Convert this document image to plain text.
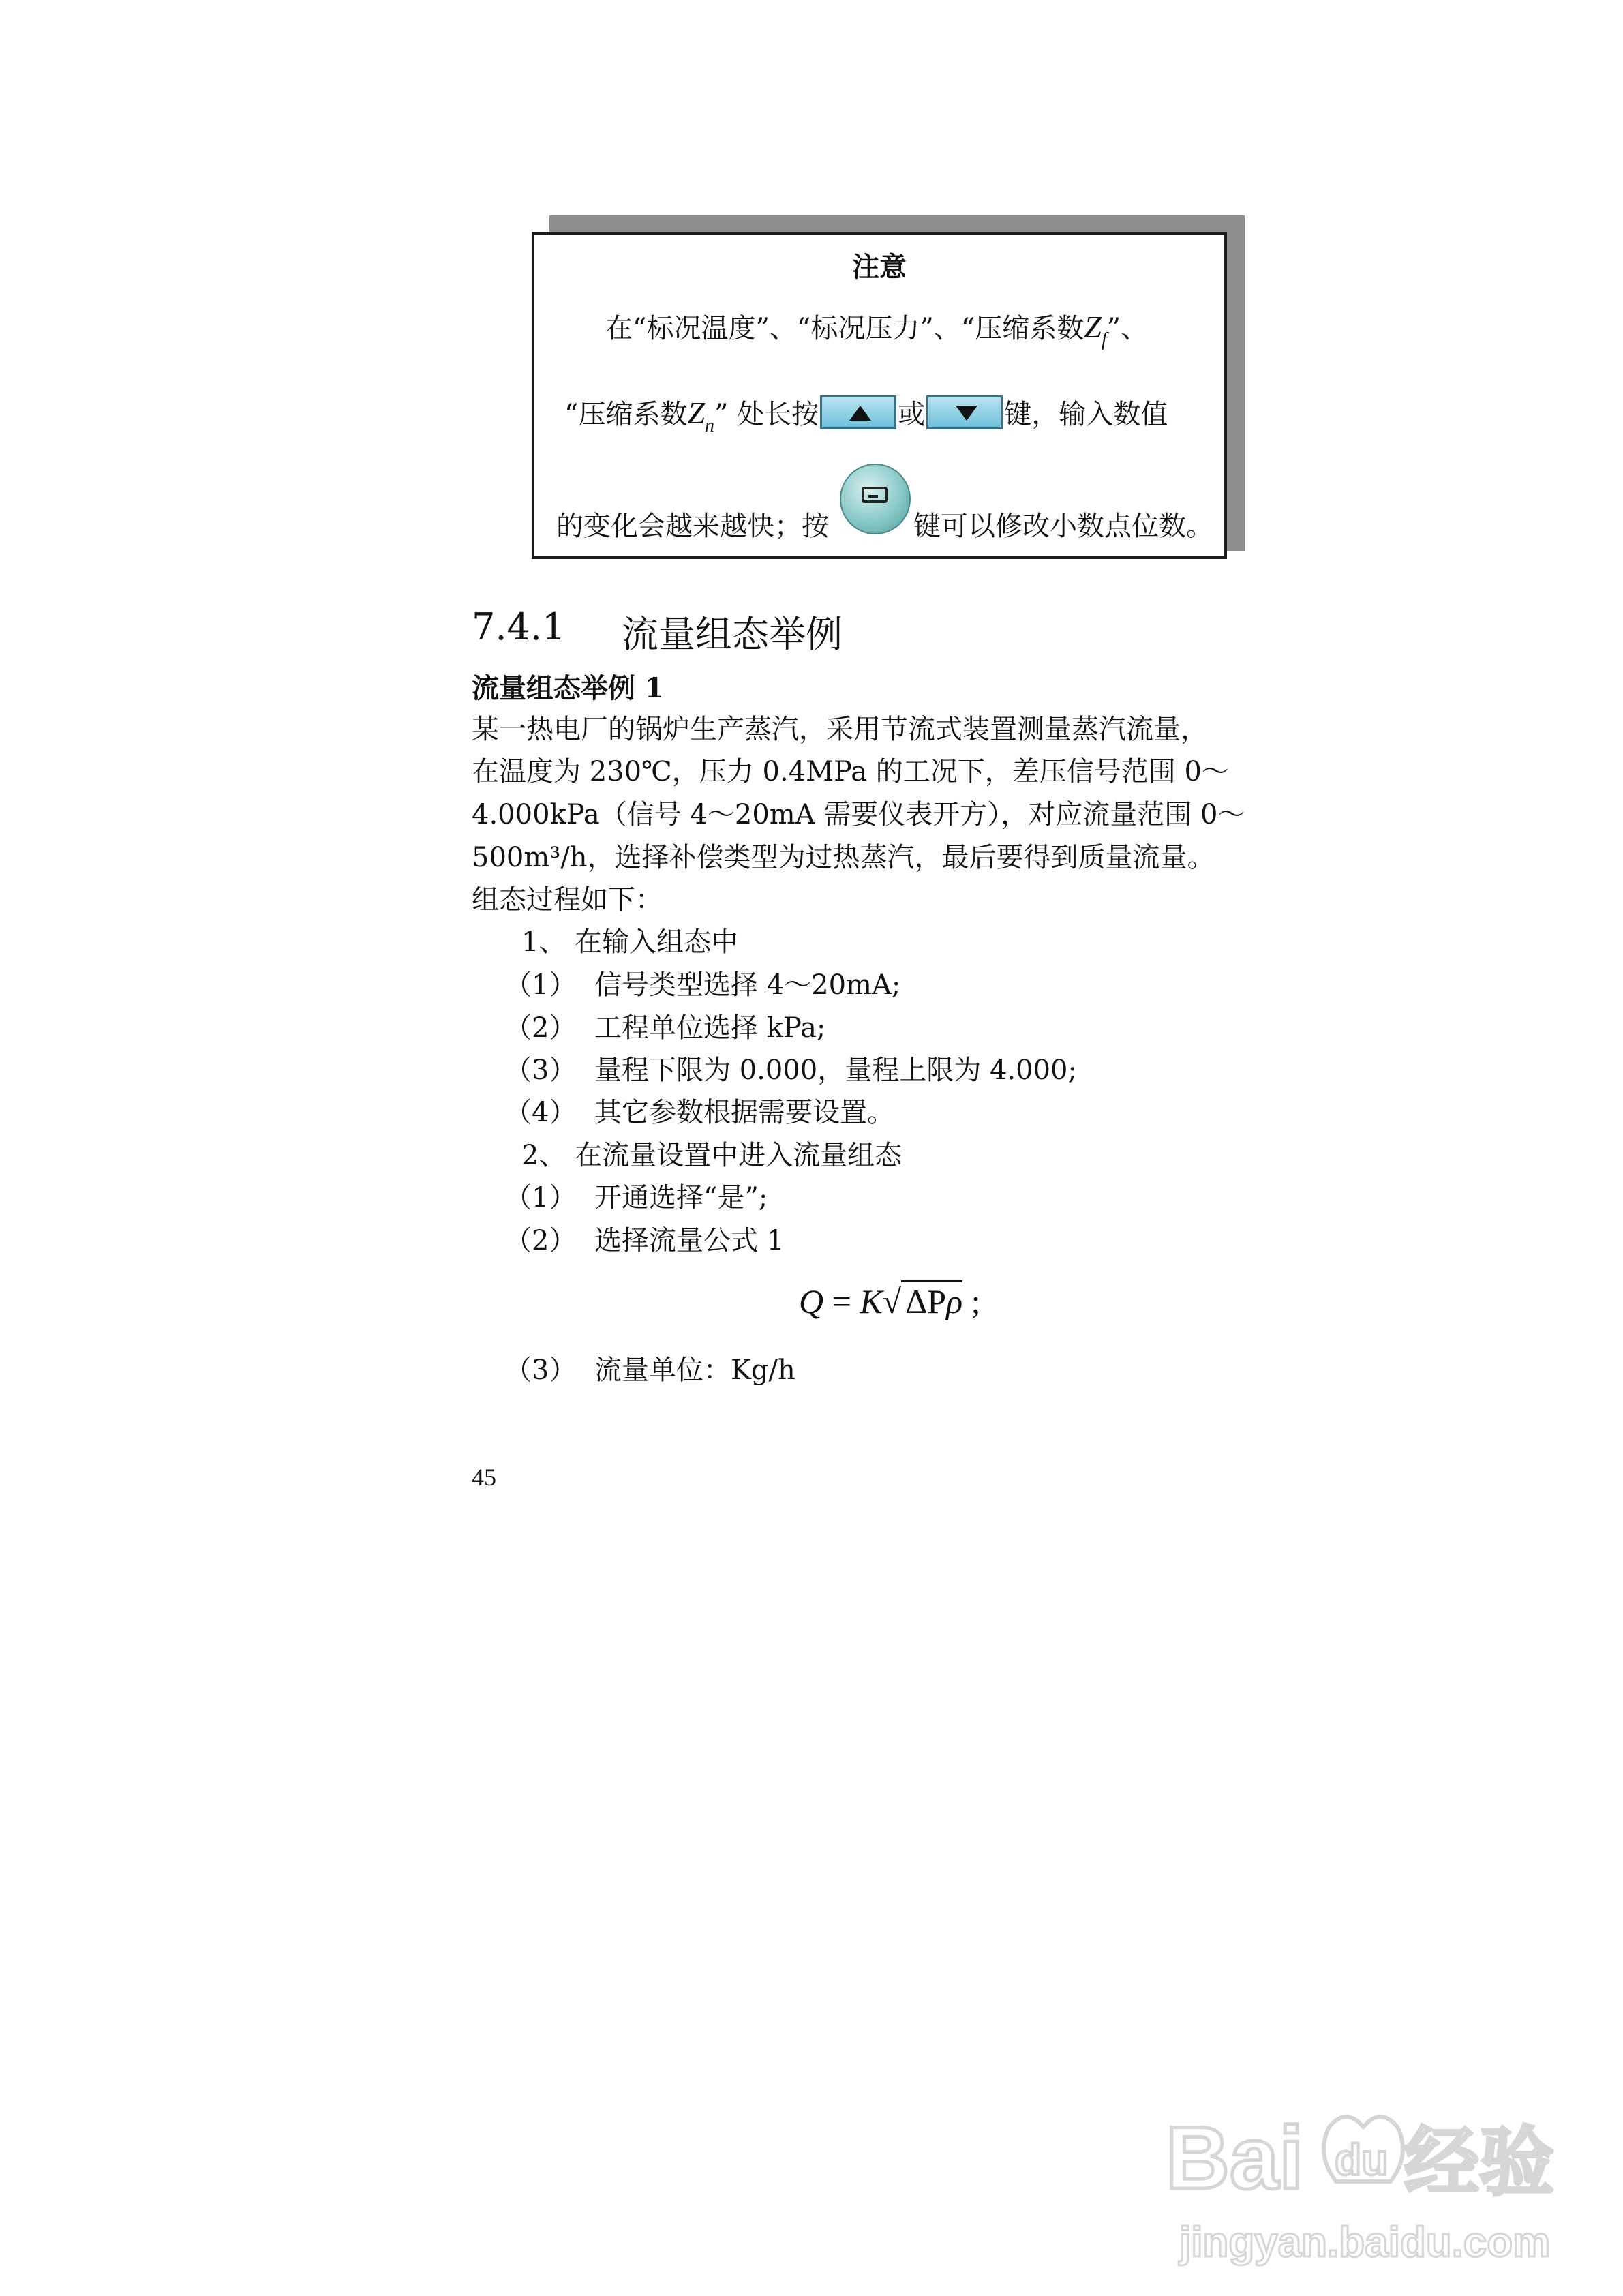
注意
在“标况温度”、“标况压力”、“压缩系数$Z_f$”、
“压缩系数$Z_n$” 处长按	或	键，输入数值
的变化会越来越快；按	键可以修改小数点位数。
7.4.1 流量组态举例
流量组态举例 1
某一热电厂的锅炉生产蒸汽，采用节流式装置测量蒸汽流量，
在温度为 230℃，压力 0.4MPa 的工况下，差压信号范围 0～
4.000kPa（信号 4～20mA 需要仪表开方），对应流量范围 0～
500m³/h，选择补偿类型为过热蒸汽，最后要得到质量流量。
组态过程如下：
1、 在输入组态中
（1） 信号类型选择 4～20mA;
（2） 工程单位选择 kPa;
（3） 量程下限为 0.000，量程上限为 4.000;
（4） 其它参数根据需要设置。
2、 在流量设置中进入流量组态
（1） 开通选择“是”;
（2） 选择流量公式 1
Q = K√ ΔPρ ;
（3） 流量单位：Kg/h
45
Bai du 经验
jingyan.baidu.com
